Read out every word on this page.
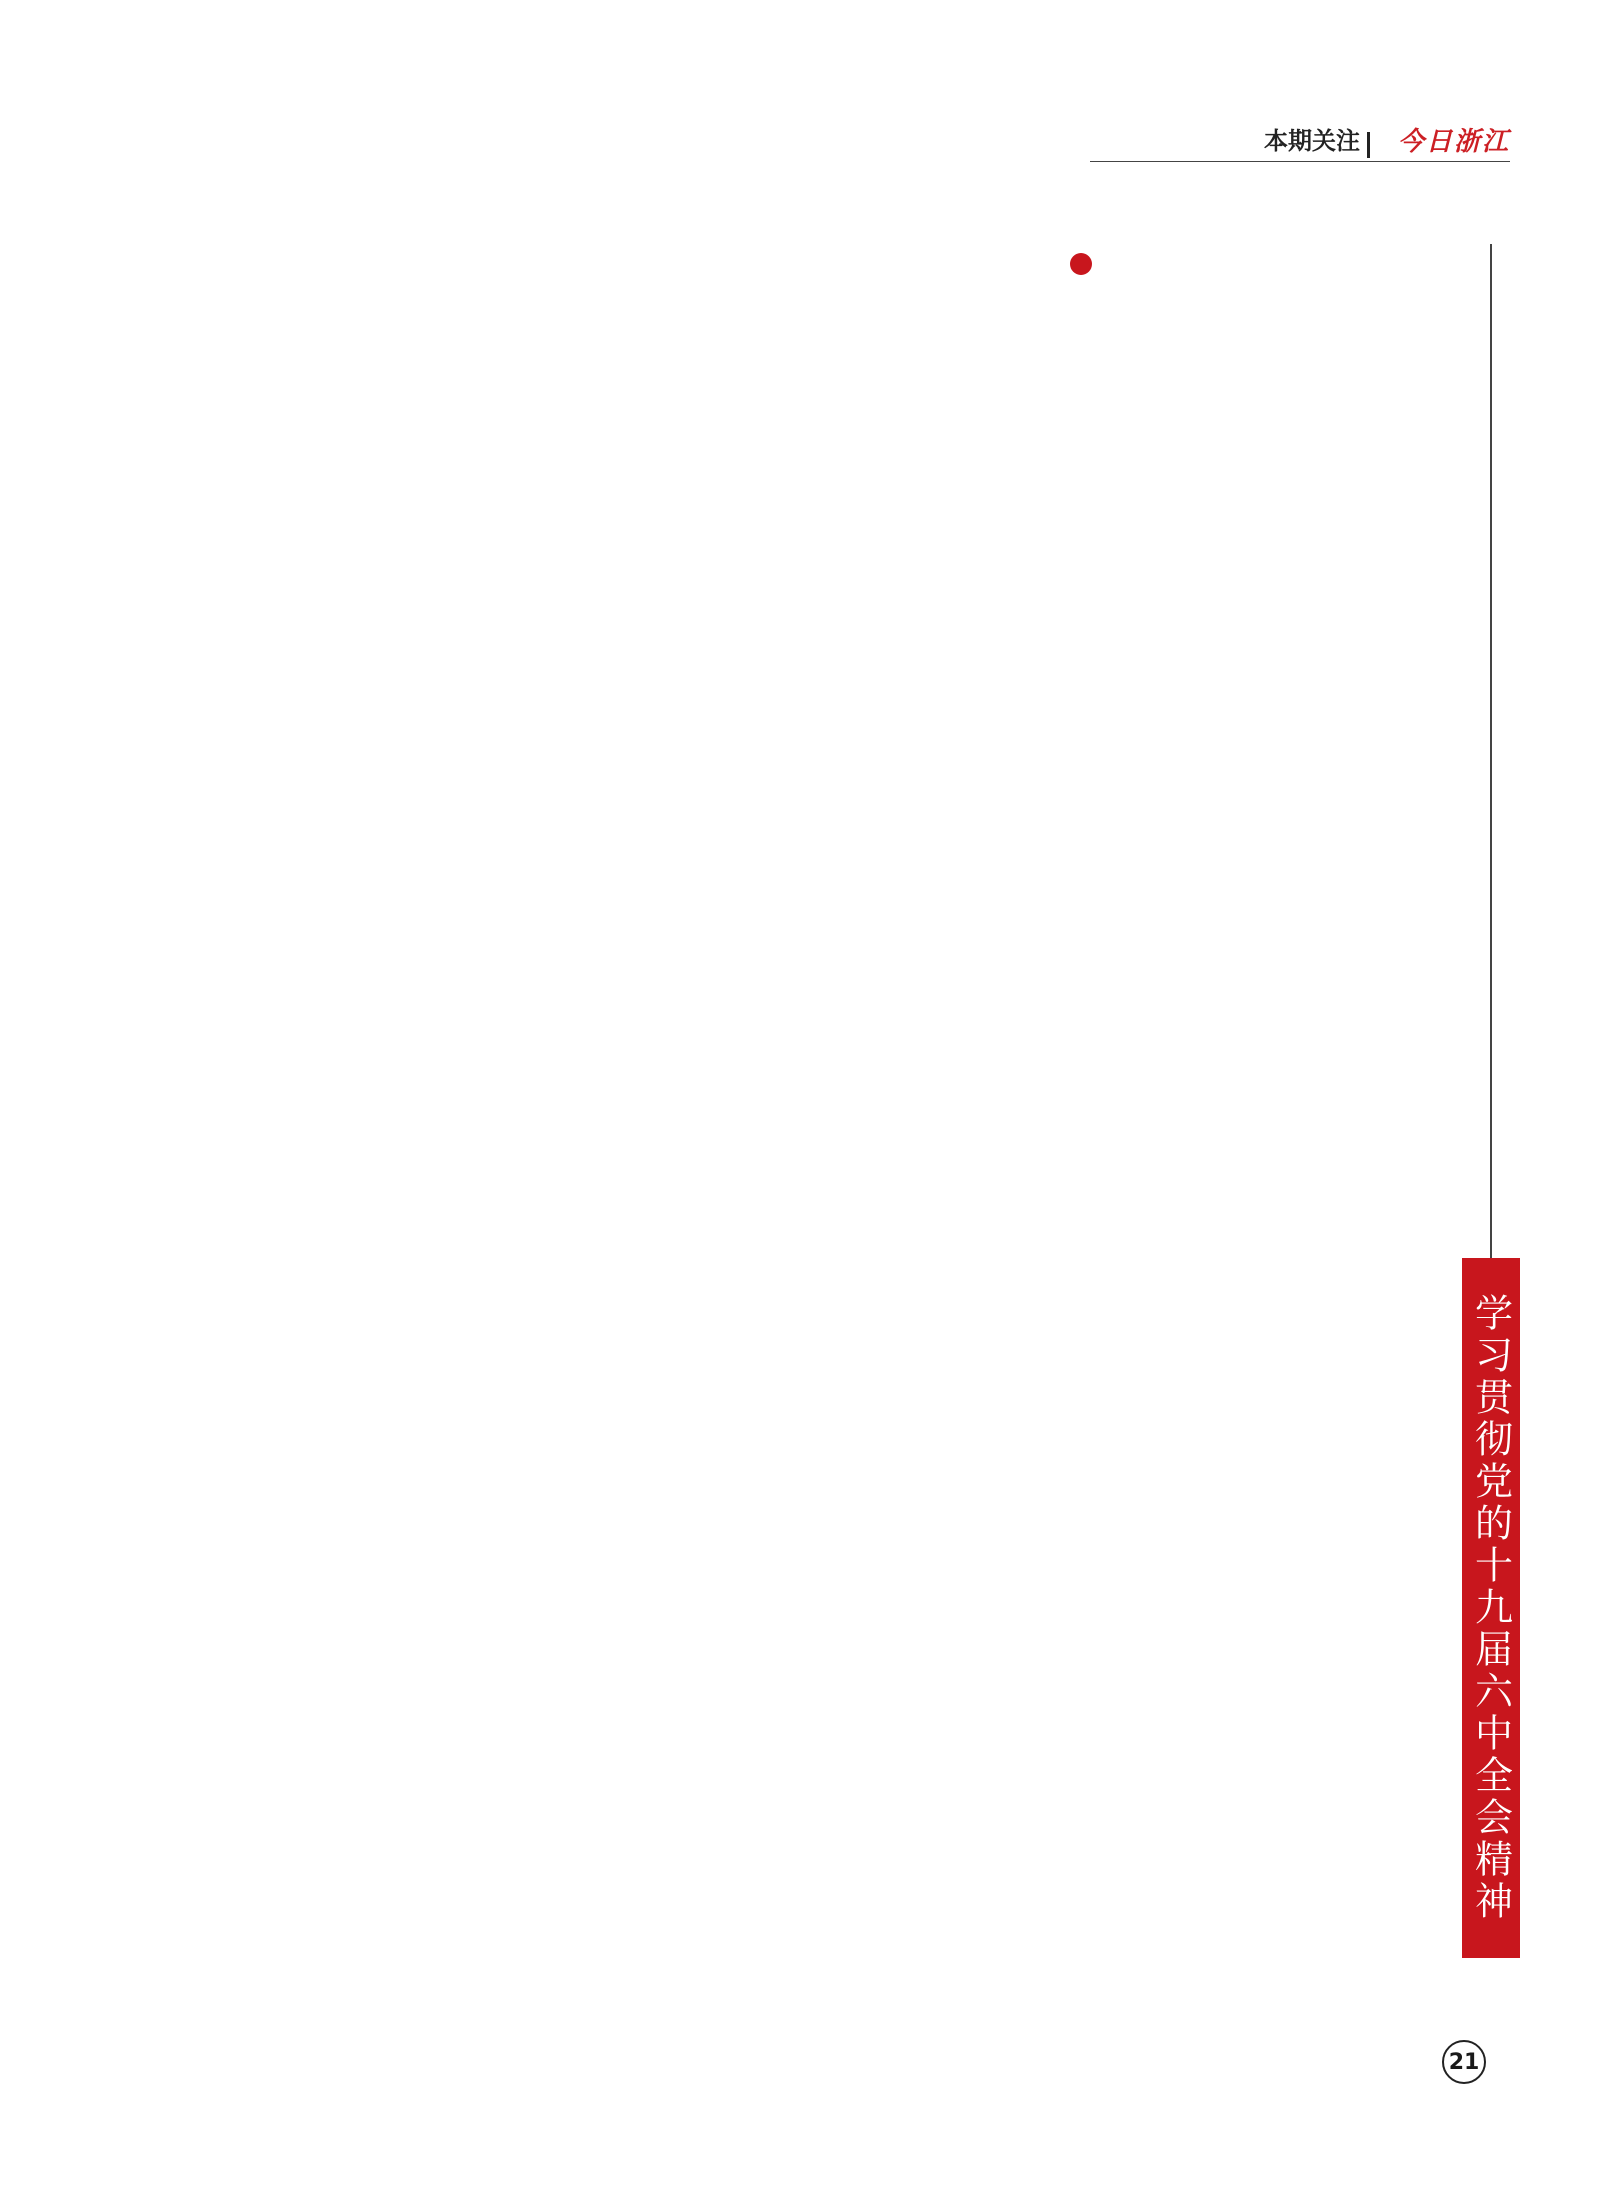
本期关注 今日浙江

今

学习贯彻党的十九届六中全会精神
21
